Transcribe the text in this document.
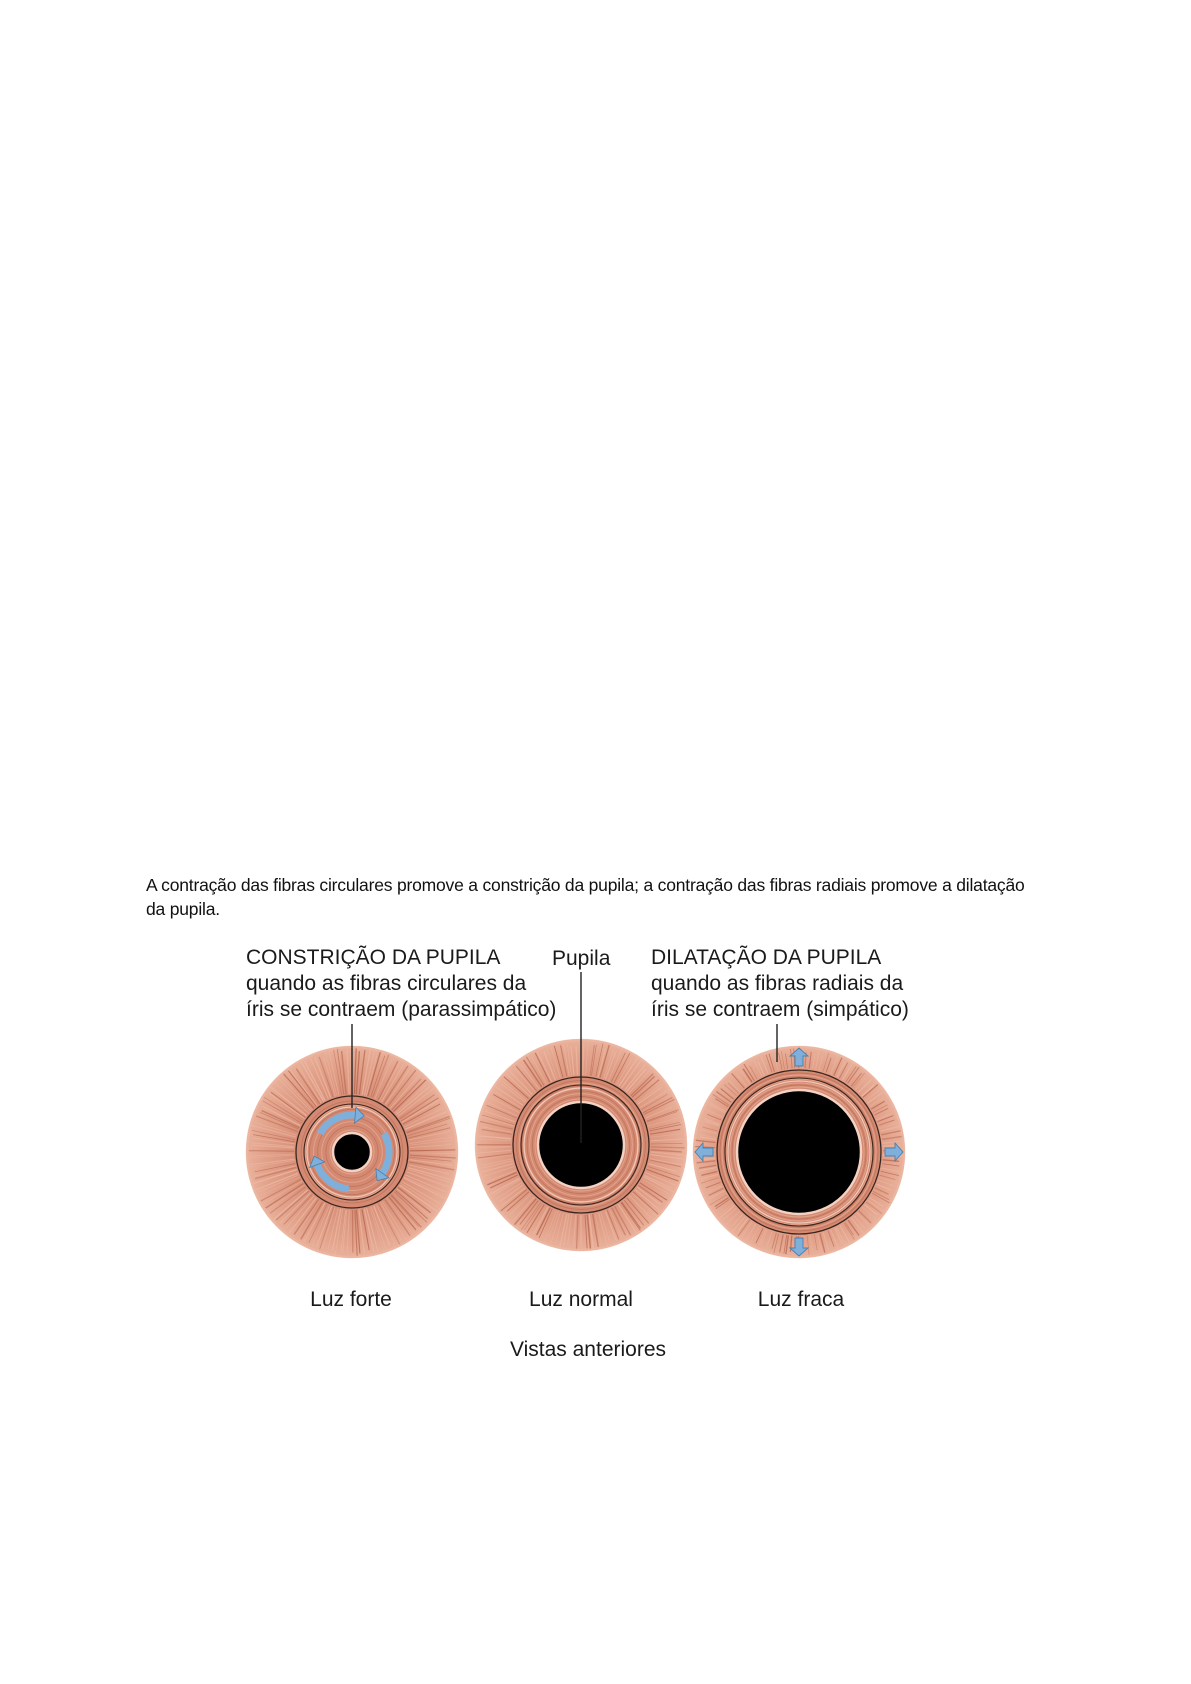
A contração das fibras circulares promove a constrição da pupila; a contração das fibras radiais promove a dilatação da pupila.
CONSTRIÇÃO DA PUPILA
quando as fibras circulares da
íris se contraem (parassimpático)
Pupila DILATAÇÃO DA PUPILA
quando as fibras radiais da
íris se contraem (simpático)
Luz forte	Luz normal	Luz fraca
Vistas anteriores
